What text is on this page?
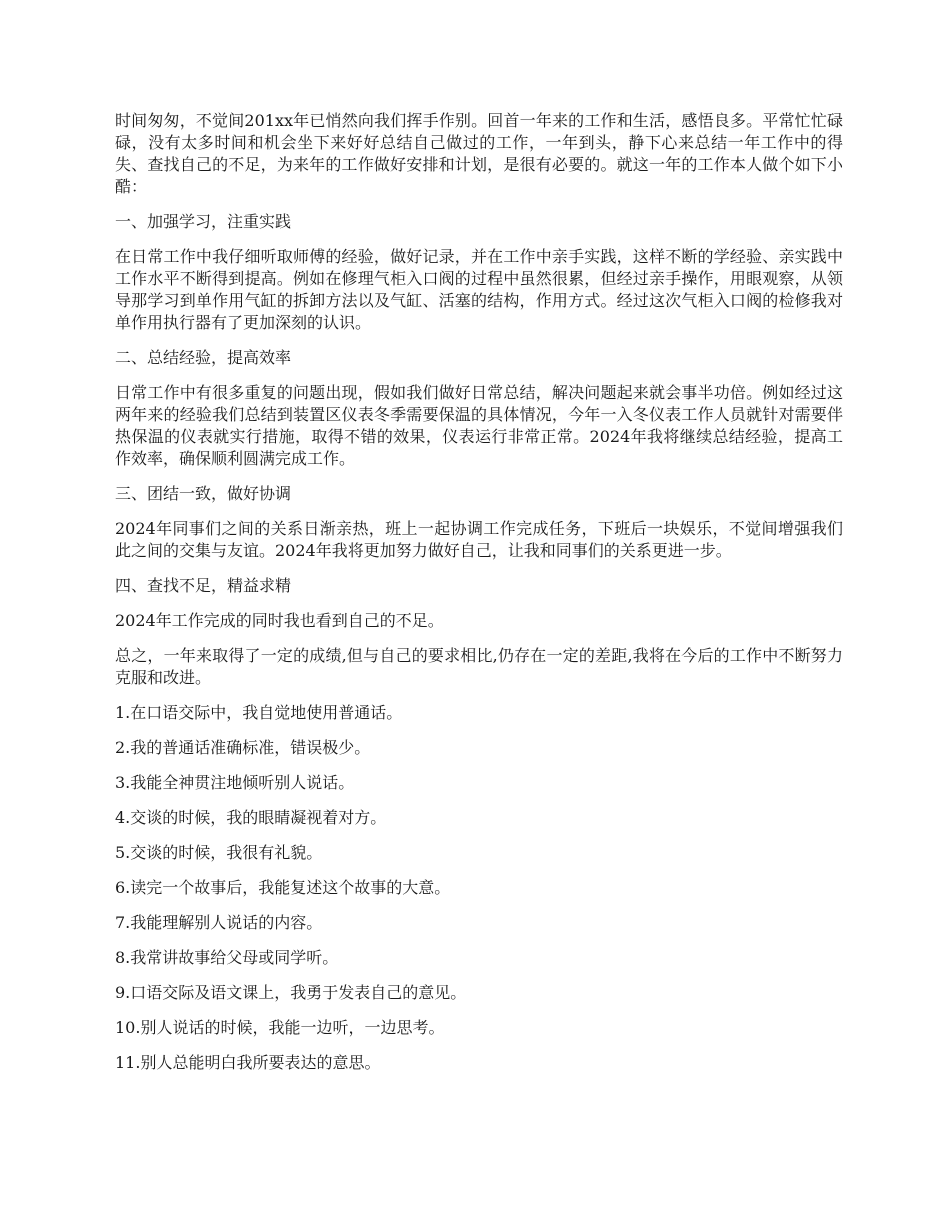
时间匆匆，不觉间201xx年已悄然向我们挥手作别。回首一年来的工作和生活，感悟良多。平常忙忙碌碌，没有太多时间和机会坐下来好好总结自己做过的工作，一年到头，静下心来总结一年工作中的得失、查找自己的不足，为来年的工作做好安排和计划，是很有必要的。就这一年的工作本人做个如下小酷：

一、加强学习，注重实践

在日常工作中我仔细听取师傅的经验，做好记录，并在工作中亲手实践，这样不断的学经验、亲实践中工作水平不断得到提高。例如在修理气柜入口阀的过程中虽然很累，但经过亲手操作，用眼观察，从领导那学习到单作用气缸的拆卸方法以及气缸、活塞的结构，作用方式。经过这次气柜入口阀的检修我对单作用执行器有了更加深刻的认识。

二、总结经验，提高效率

日常工作中有很多重复的问题出现，假如我们做好日常总结，解决问题起来就会事半功倍。例如经过这两年来的经验我们总结到装置区仪表冬季需要保温的具体情况，今年一入冬仪表工作人员就针对需要伴热保温的仪表就实行措施，取得不错的效果，仪表运行非常正常。2024年我将继续总结经验，提高工作效率，确保顺利圆满完成工作。

三、团结一致，做好协调

2024年同事们之间的关系日渐亲热，班上一起协调工作完成任务，下班后一块娱乐，不觉间增强我们此之间的交集与友谊。2024年我将更加努力做好自己，让我和同事们的关系更进一步。

四、查找不足，精益求精

2024年工作完成的同时我也看到自己的不足。

总之，一年来取得了一定的成绩,但与自己的要求相比,仍存在一定的差距,我将在今后的工作中不断努力克服和改进。

1.在口语交际中，我自觉地使用普通话。

2.我的普通话准确标准，错误极少。

3.我能全神贯注地倾听别人说话。

4.交谈的时候，我的眼睛凝视着对方。

5.交谈的时候，我很有礼貌。

6.读完一个故事后，我能复述这个故事的大意。

7.我能理解别人说话的内容。

8.我常讲故事给父母或同学听。

9.口语交际及语文课上，我勇于发表自己的意见。

10.别人说话的时候，我能一边听，一边思考。

11.别人总能明白我所要表达的意思。
